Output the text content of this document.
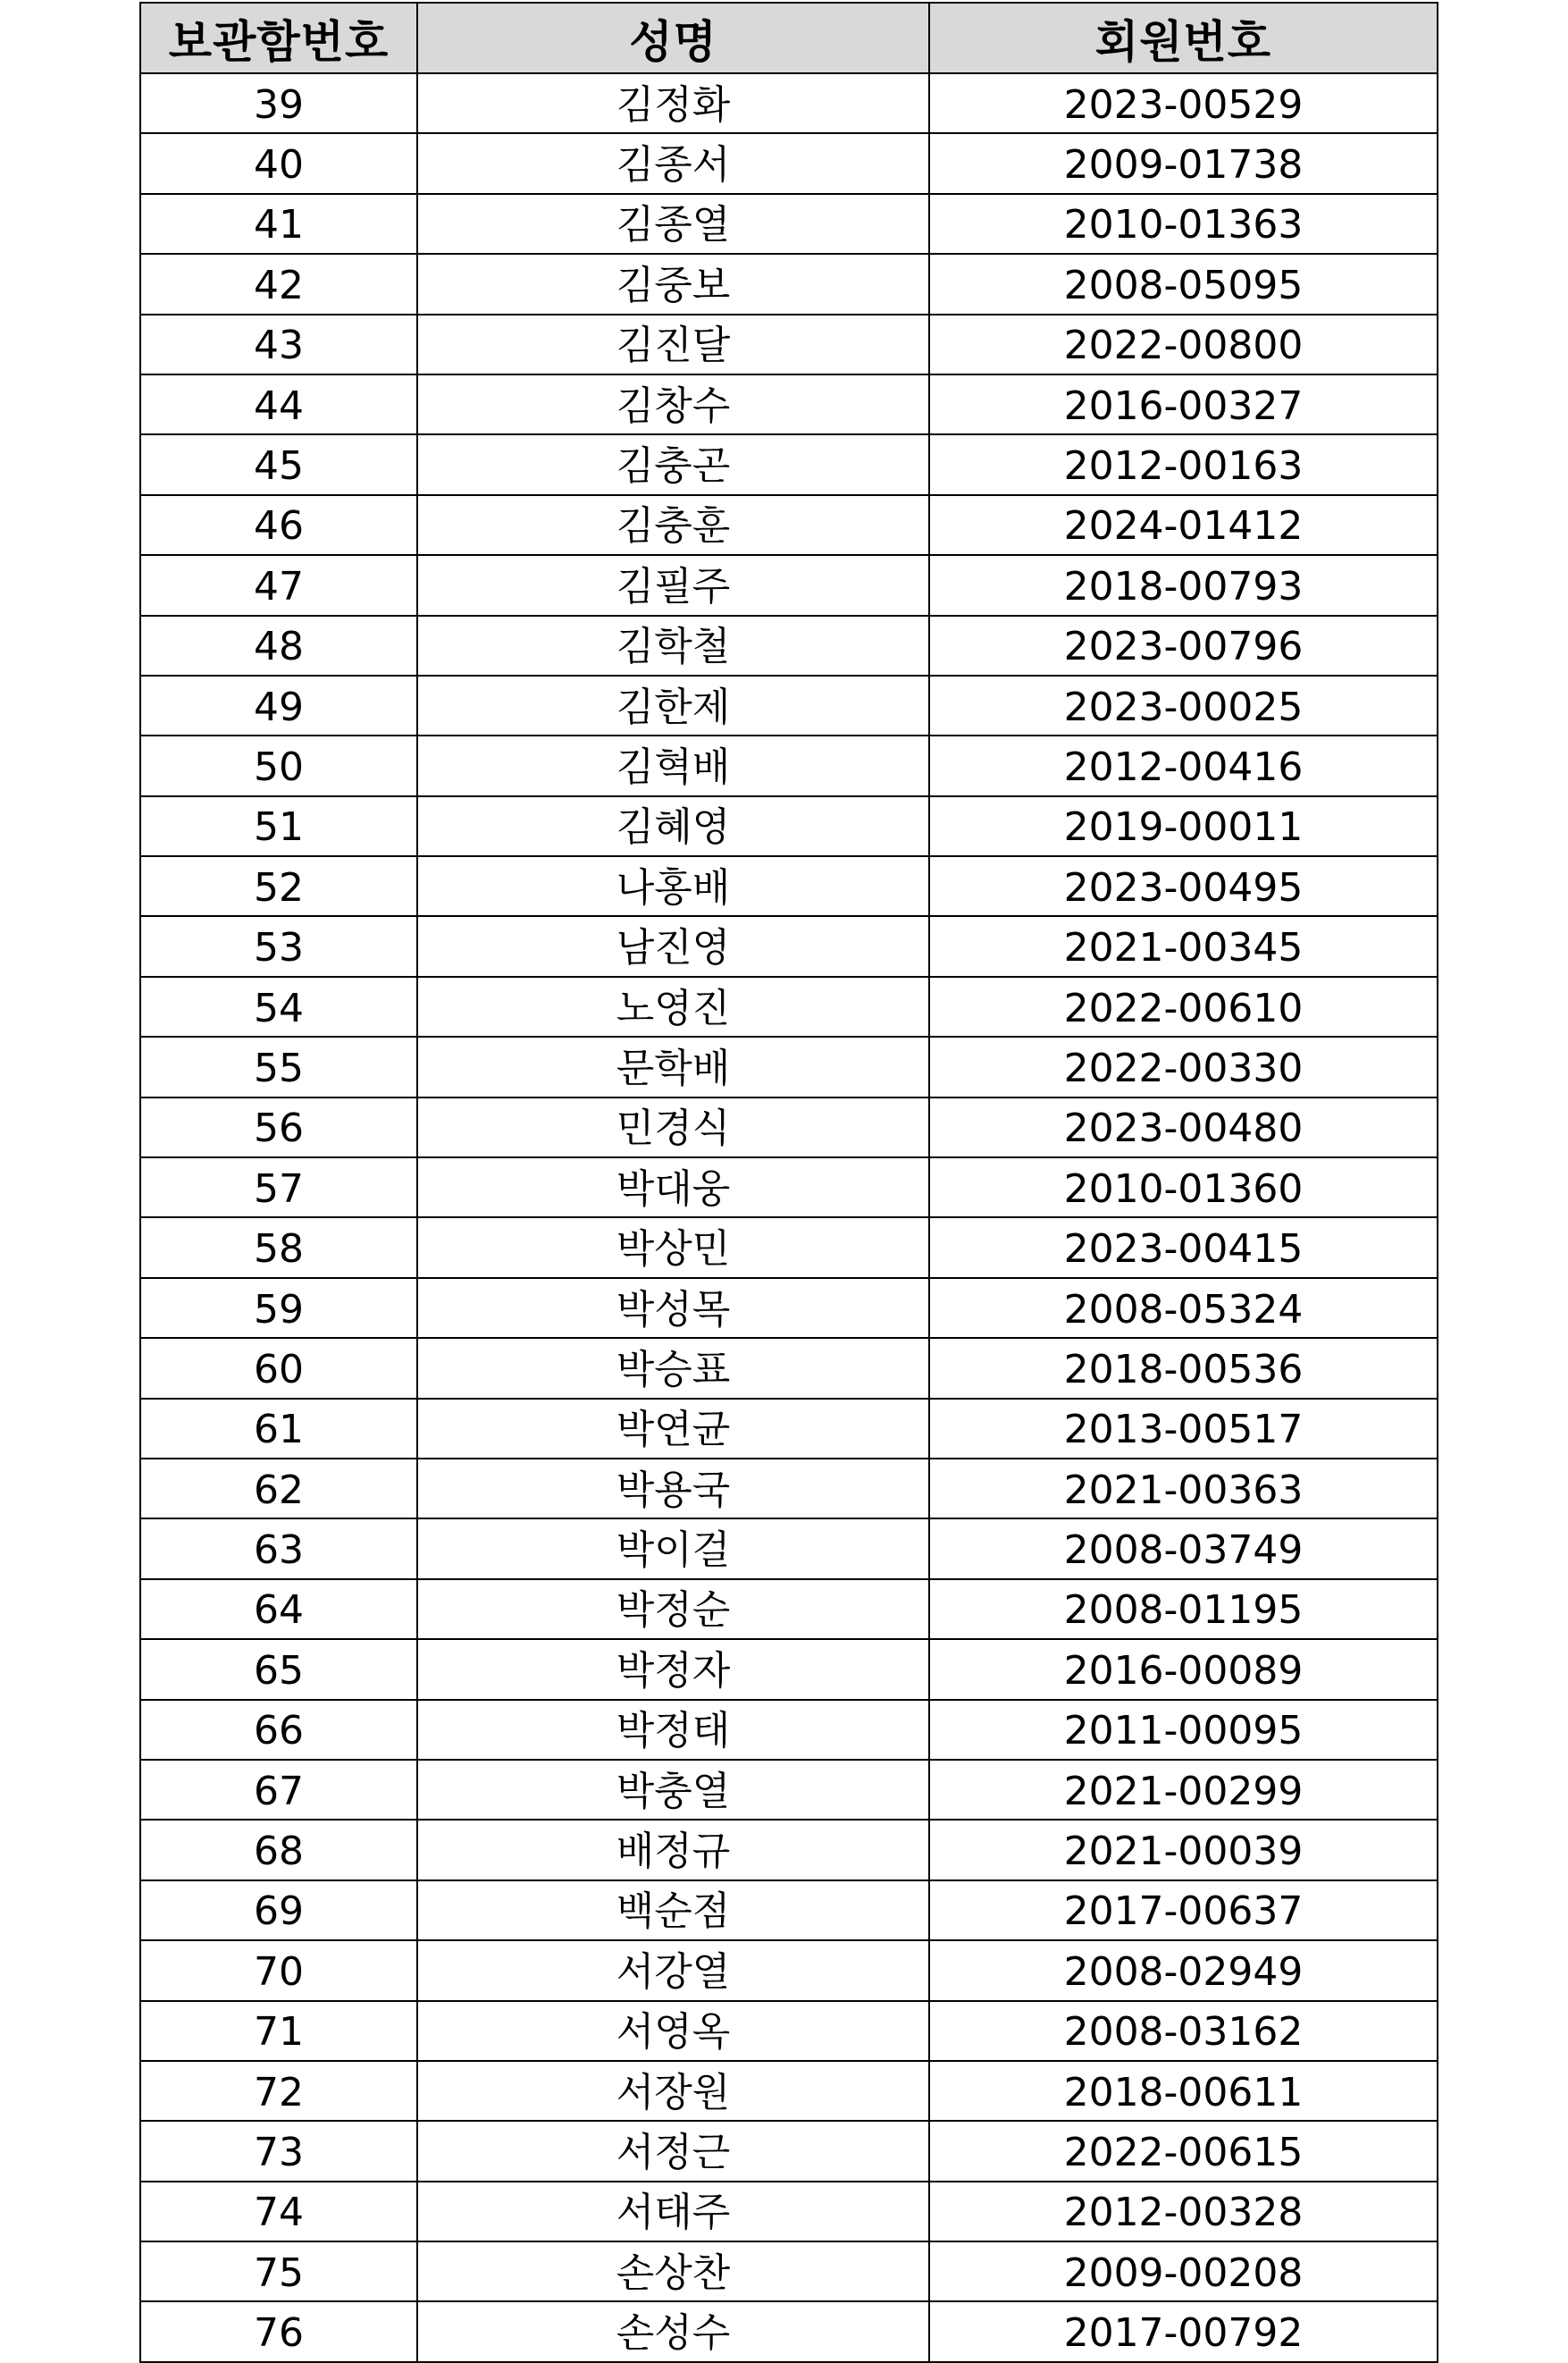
보관함번호	성명	회원번호
39	김정화	2023-00529
40	김종서	2009-01738
41	김종열	2010-01363
42	김중보	2008-05095
43	김진달	2022-00800
44	김창수	2016-00327
45	김충곤	2012-00163
46	김충훈	2024-01412
47	김필주	2018-00793
48	김학철	2023-00796
49	김한제	2023-00025
50	김혁배	2012-00416
51	김혜영	2019-00011
52	나홍배	2023-00495
53	남진영	2021-00345
54	노영진	2022-00610
55	문학배	2022-00330
56	민경식	2023-00480
57	박대웅	2010-01360
58	박상민	2023-00415
59	박성목	2008-05324
60	박승표	2018-00536
61	박연균	2013-00517
62	박용국	2021-00363
63	박이걸	2008-03749
64	박정순	2008-01195
65	박정자	2016-00089
66	박정태	2011-00095
67	박충열	2021-00299
68	배정규	2021-00039
69	백순점	2017-00637
70	서강열	2008-02949
71	서영옥	2008-03162
72	서장원	2018-00611
73	서정근	2022-00615
74	서태주	2012-00328
75	손상찬	2009-00208
76	손성수	2017-00792
